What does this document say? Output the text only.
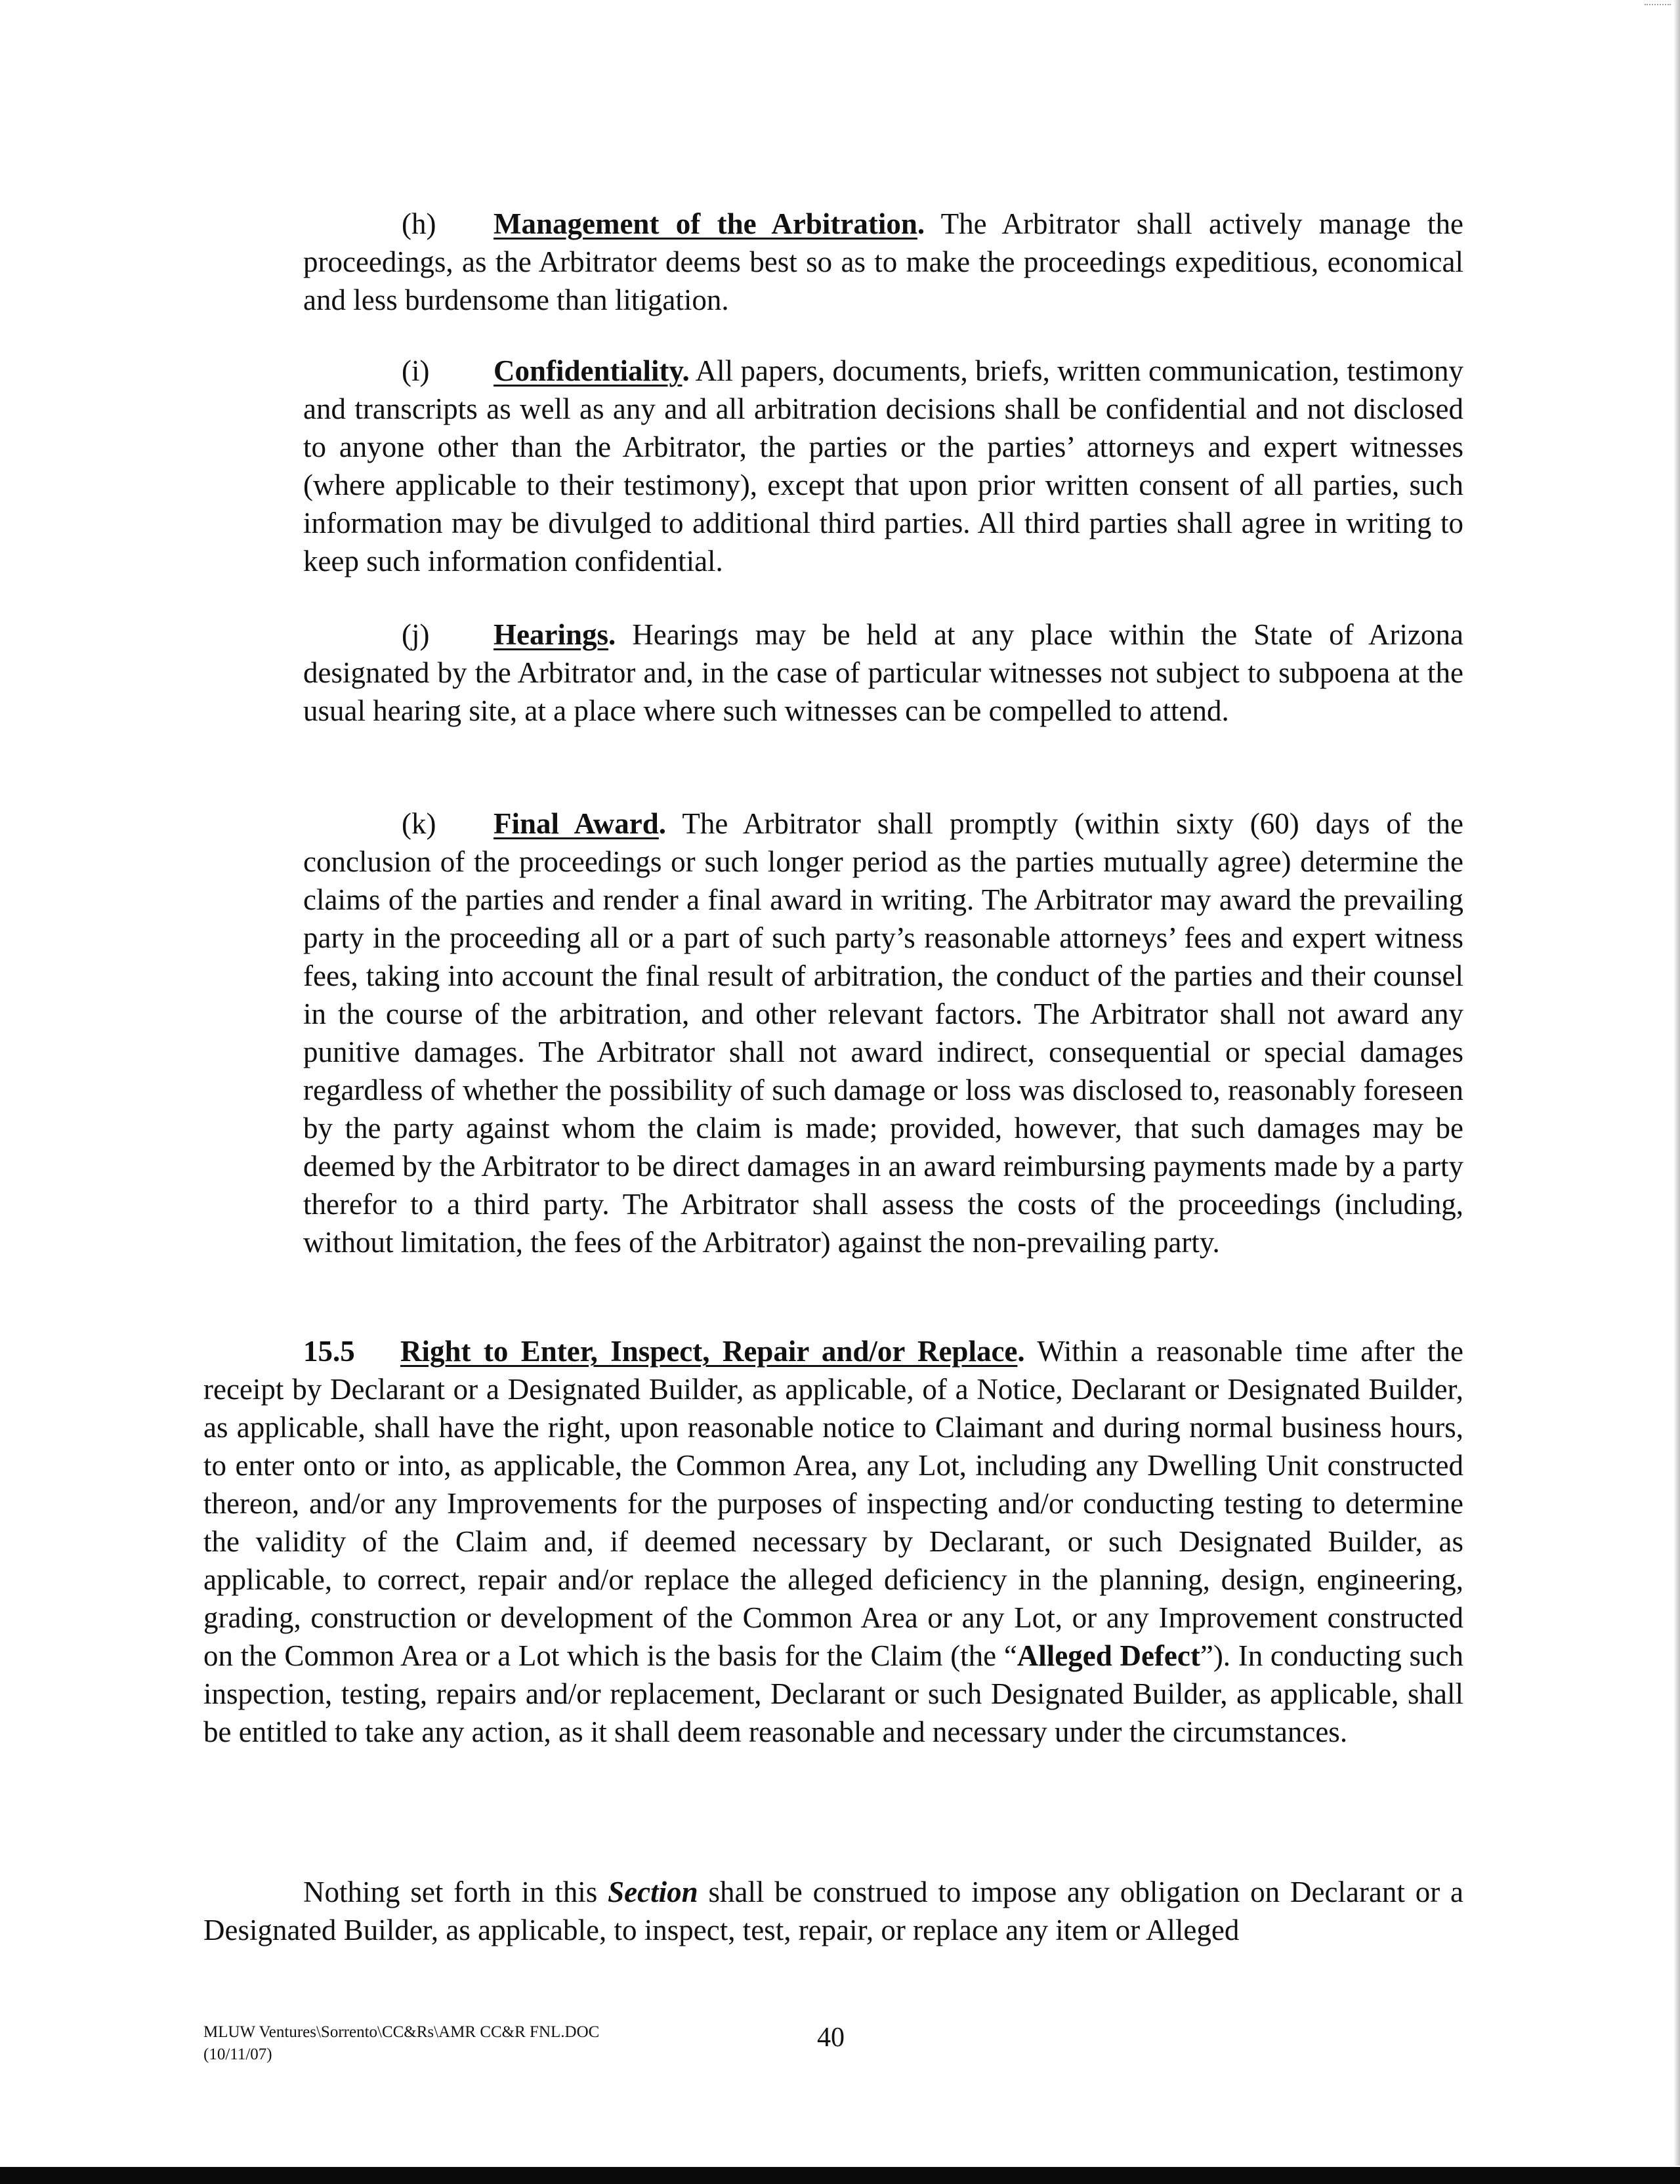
(h) Management of the Arbitration. The Arbitrator shall actively manage the proceedings, as the Arbitrator deems best so as to make the proceedings expeditious, economical and less burdensome than litigation.

(i) Confidentiality. All papers, documents, briefs, written communication, testimony and transcripts as well as any and all arbitration decisions shall be confidential and not disclosed to anyone other than the Arbitrator, the parties or the parties’ attorneys and expert witnesses (where applicable to their testimony), except that upon prior written consent of all parties, such information may be divulged to additional third parties. All third parties shall agree in writing to keep such information confidential.

(j) Hearings. Hearings may be held at any place within the State of Arizona designated by the Arbitrator and, in the case of particular witnesses not subject to subpoena at the usual hearing site, at a place where such witnesses can be compelled to attend.

(k) Final Award. The Arbitrator shall promptly (within sixty (60) days of the conclusion of the proceedings or such longer period as the parties mutually agree) determine the claims of the parties and render a final award in writing. The Arbitrator may award the prevailing party in the proceeding all or a part of such party’s reasonable attorneys’ fees and expert witness fees, taking into account the final result of arbitration, the conduct of the parties and their counsel in the course of the arbitration, and other relevant factors. The Arbitrator shall not award any punitive damages. The Arbitrator shall not award indirect, consequential or special damages regardless of whether the possibility of such damage or loss was disclosed to, reasonably foreseen by the party against whom the claim is made; provided, however, that such damages may be deemed by the Arbitrator to be direct damages in an award reimbursing payments made by a party therefor to a third party. The Arbitrator shall assess the costs of the proceedings (including, without limitation, the fees of the Arbitrator) against the non-prevailing party.

15.5 Right to Enter, Inspect, Repair and/or Replace. Within a reasonable time after the receipt by Declarant or a Designated Builder, as applicable, of a Notice, Declarant or Designated Builder, as applicable, shall have the right, upon reasonable notice to Claimant and during normal business hours, to enter onto or into, as applicable, the Common Area, any Lot, including any Dwelling Unit constructed thereon, and/or any Improvements for the purposes of inspecting and/or conducting testing to determine the validity of the Claim and, if deemed necessary by Declarant, or such Designated Builder, as applicable, to correct, repair and/or replace the alleged deficiency in the planning, design, engineering, grading, construction or development of the Common Area or any Lot, or any Improvement constructed on the Common Area or a Lot which is the basis for the Claim (the “Alleged Defect”). In conducting such inspection, testing, repairs and/or replacement, Declarant or such Designated Builder, as applicable, shall be entitled to take any action, as it shall deem reasonable and necessary under the circumstances.

Nothing set forth in this Section shall be construed to impose any obligation on Declarant or a Designated Builder, as applicable, to inspect, test, repair, or replace any item or Alleged

MLUW Ventures\Sorrento\CC&Rs\AMR CC&R FNL.DOC
(10/11/07)
40
